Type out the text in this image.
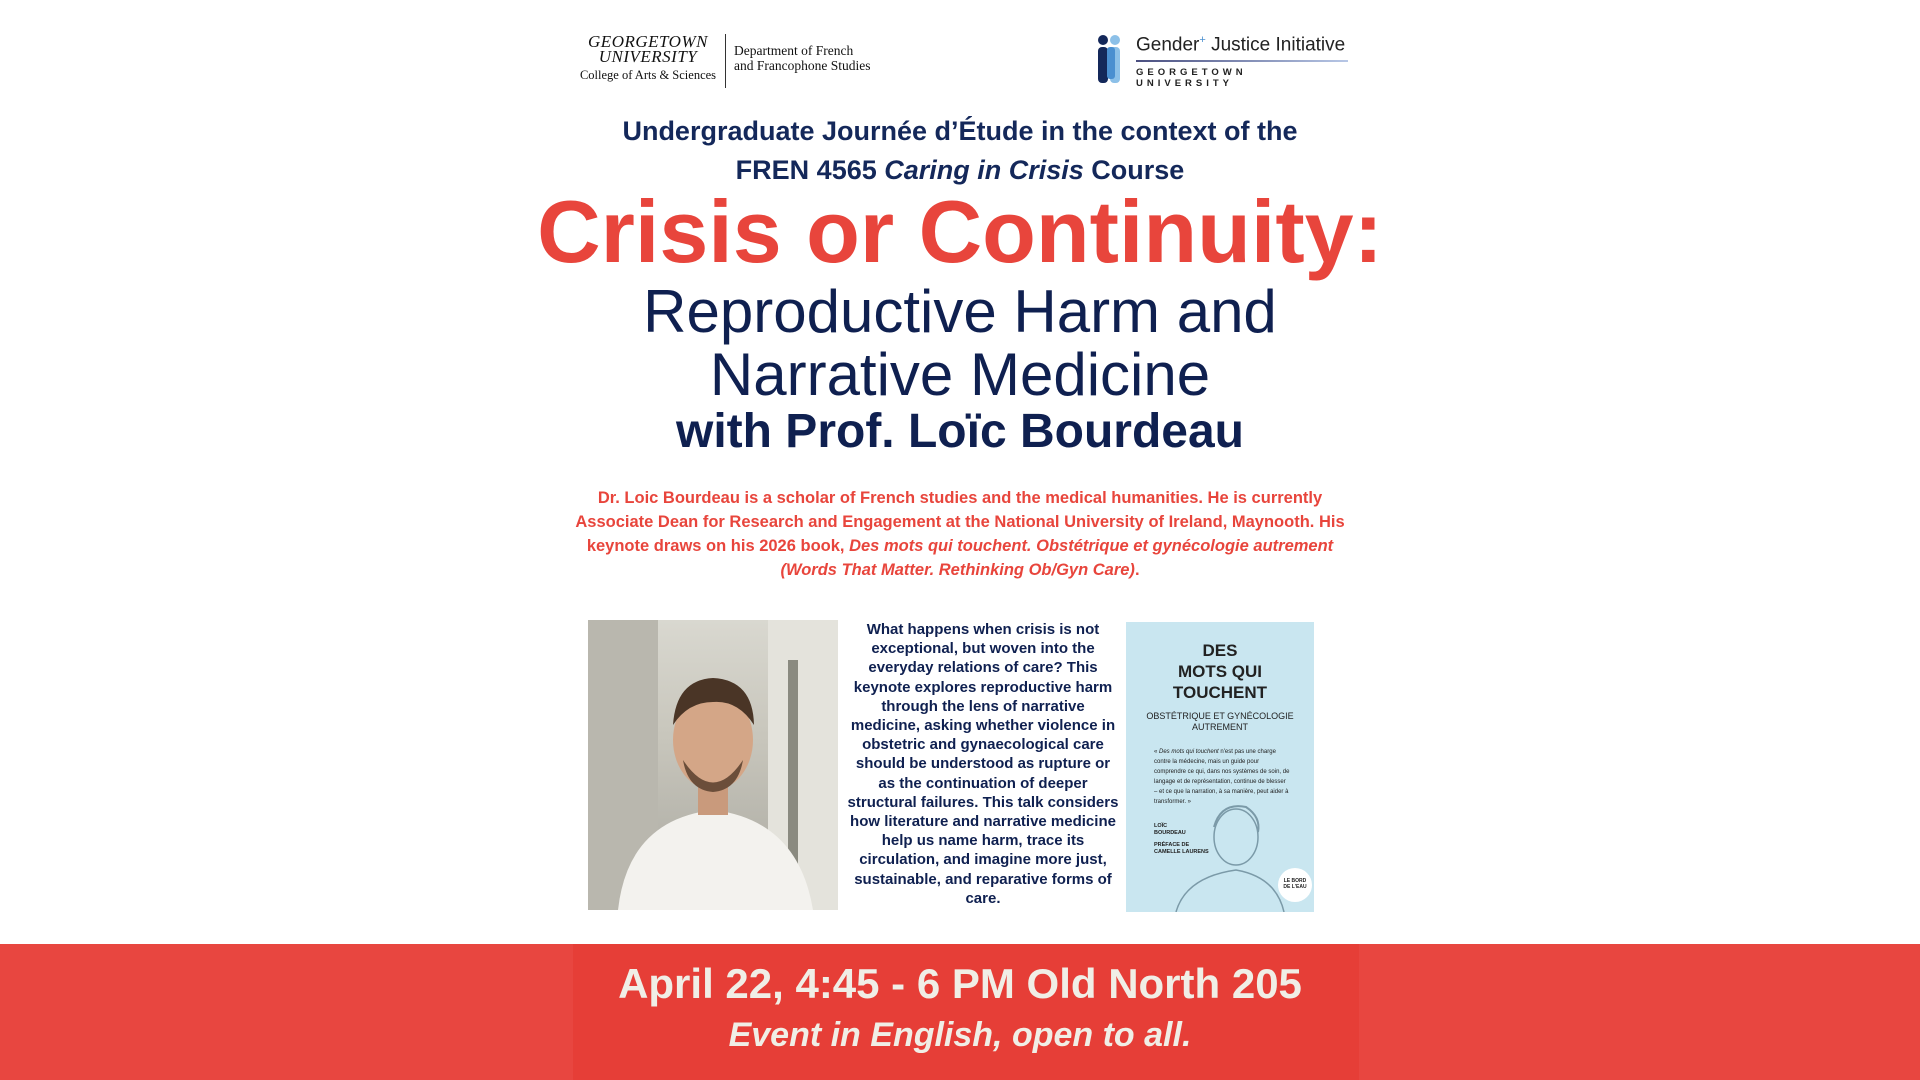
GEORGETOWN
UNIVERSITY
College of Arts & Sciences
Department of French
and Francophone Studies
Gender+ Justice Initiative
GEORGETOWN UNIVERSITY
Undergraduate Journée d’Étude in the context of the
FREN 4565 Caring in Crisis Course
Crisis or Continuity:
Reproductive Harm and
Narrative Medicine
with Prof. Loïc Bourdeau
Dr. Loic Bourdeau is a scholar of French studies and the medical humanities. He is currently Associate Dean for Research and Engagement at the National University of Ireland, Maynooth. His keynote draws on his 2026 book, Des mots qui touchent. Obstétrique et gynécologie autrement (Words That Matter. Rethinking Ob/Gyn Care).
What happens when crisis is not exceptional, but woven into the everyday relations of care? This keynote explores reproductive harm through the lens of narrative medicine, asking whether violence in obstetric and gynaecological care should be understood as rupture or as the continuation of deeper structural failures. This talk considers how literature and narrative medicine help us name harm, trace its circulation, and imagine more just, sustainable, and reparative forms of care.
DES
MOTS QUI
TOUCHENT
OBSTÉTRIQUE ET GYNÉCOLOGIE
AUTREMENT
« Des mots qui touchent n'est pas une charge contre la médecine, mais un guide pour comprendre ce qui, dans nos systèmes de soin, de langage et de représentation, continue de blesser – et ce que la narration, à sa manière, peut aider à transformer. »
LOÏC
BOURDEAU
PRÉFACE DE
CAMELLE LAURENS
LE BORD
DE L'EAU
April 22, 4:45 - 6 PM Old North 205
Event in English, open to all.
